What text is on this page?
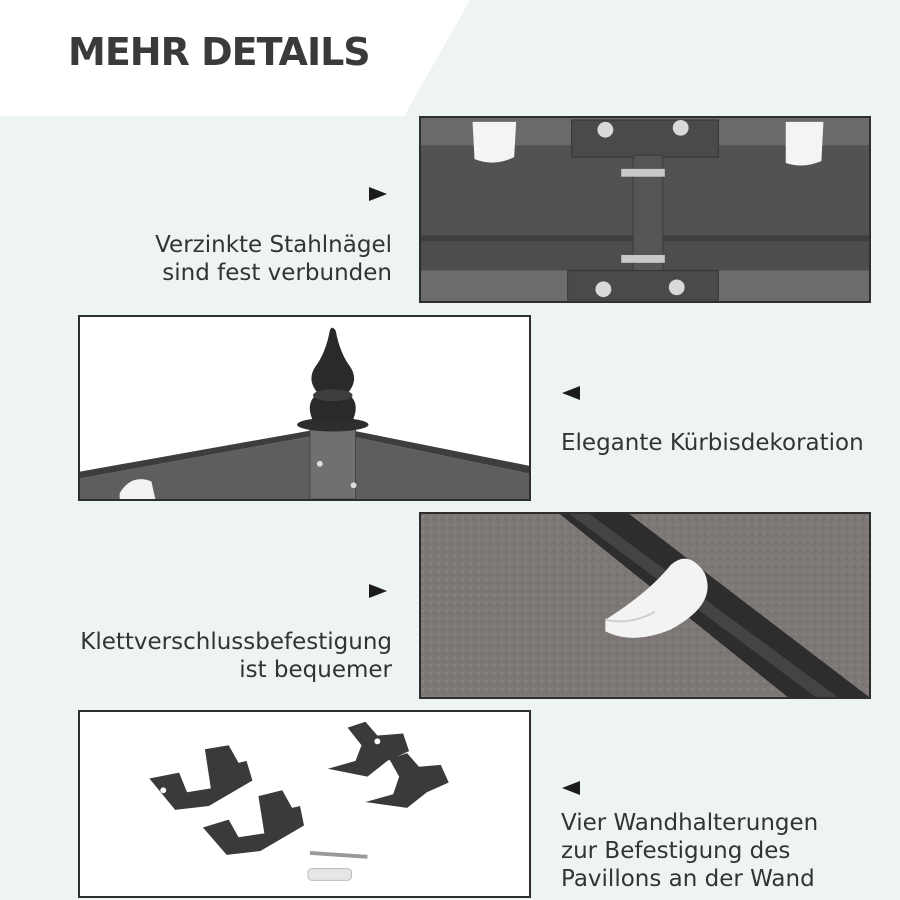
MEHR DETAILS
Verzinkte Stahlnägel
sind fest verbunden
Elegante Kürbisdekoration
Klettverschlussbefestigung
ist bequemer
Vier Wandhalterungen
zur Befestigung des
Pavillons an der Wand
